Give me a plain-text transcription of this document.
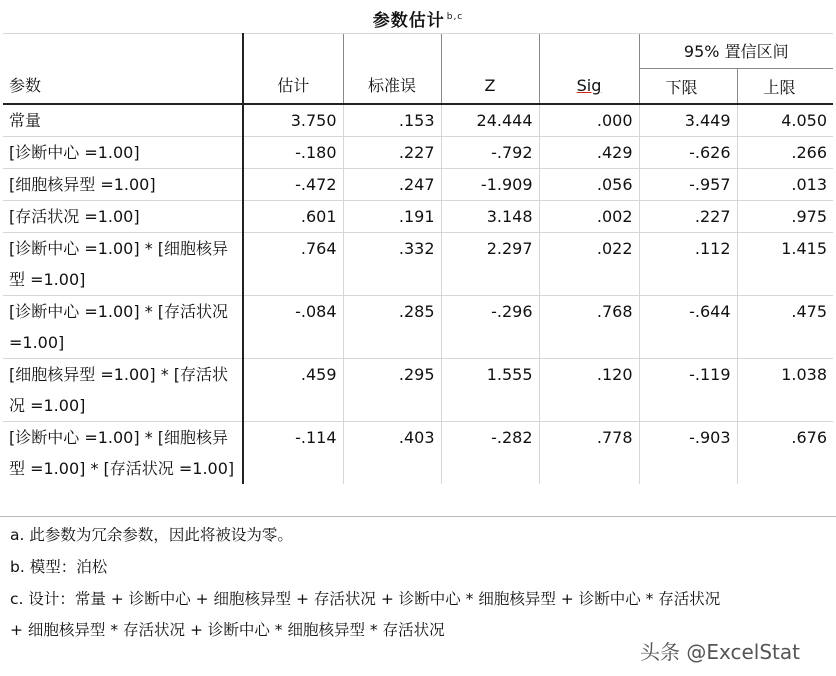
参数估计 $^{b,c}$
参数	估计	标准误	Z	Sig	95% 置信区间	
					下限	上限
常量	3.750	.153	24.444	.000	3.449	4.050
[诊断中心 =1.00]	-.180	.227	-.792	.429	-.626	.266
[细胞核异型 =1.00]	-.472	.247	-1.909	.056	-.957	.013
[存活状况 =1.00]	.601	.191	3.148	.002	.227	.975
[诊断中心 =1.00] * [细胞核异型 =1.00]	.764	.332	2.297	.022	.112	1.415
[诊断中心 =1.00] * [存活状况 =1.00]	-.084	.285	-.296	.768	-.644	.475
[细胞核异型 =1.00] * [存活状况 =1.00]	.459	.295	1.555	.120	-.119	1.038
[诊断中心 =1.00] * [细胞核异型 =1.00] * [存活状况 =1.00]	-.114	.403	-.282	.778	-.903	.676
a. 此参数为冗余参数，因此将被设为零。
b. 模型：泊松
c. 设计：常量 + 诊断中心 + 细胞核异型 + 存活状况 + 诊断中心 * 细胞核异型 + 诊断中心 * 存活状况
+ 细胞核异型 * 存活状况 + 诊断中心 * 细胞核异型 * 存活状况
头条 @ExcelStat
